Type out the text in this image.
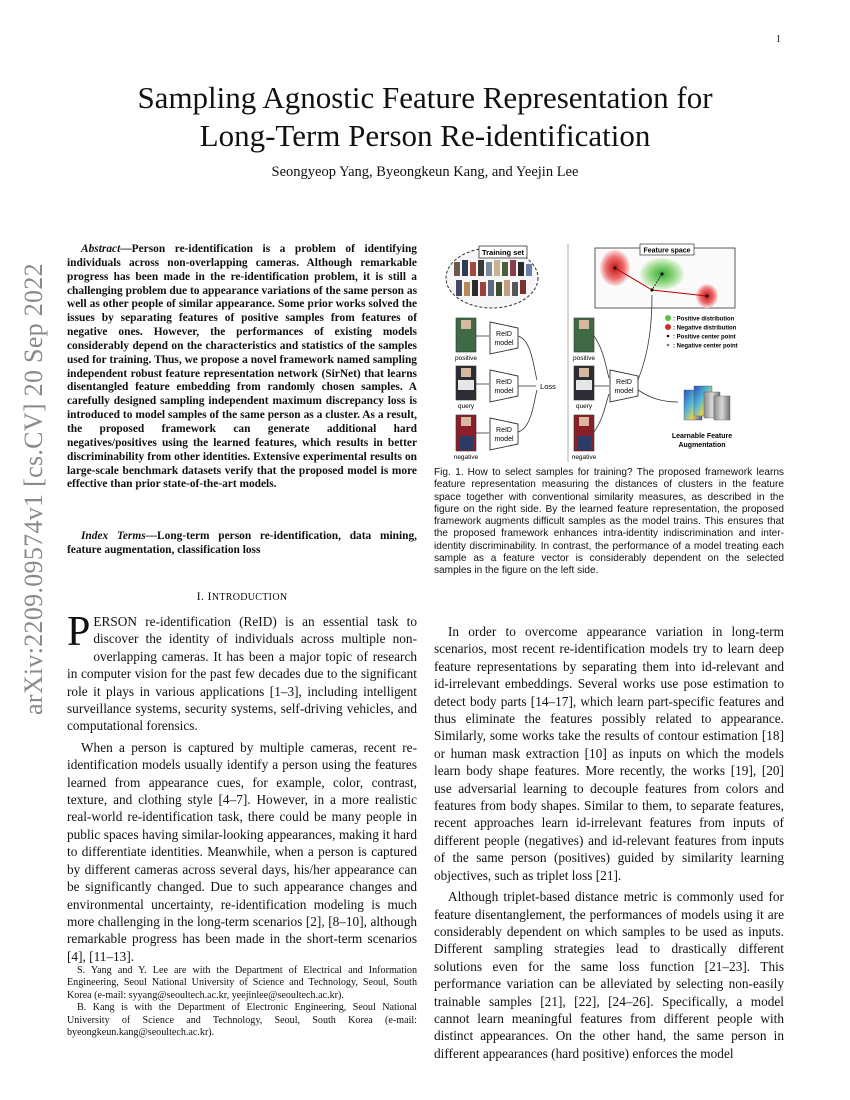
1
arXiv:2209.09574v1 [cs.CV] 20 Sep 2022
Sampling Agnostic Feature Representation for
Long-Term Person Re-identification
Seongyeop Yang, Byeongkeun Kang, and Yeejin Lee

Abstract—Person re-identification is a problem of identifying individuals across non-overlapping cameras. Although remarkable progress has been made in the re-identification problem, it is still a challenging problem due to appearance variations of the same person as well as other people of similar appearance. Some prior works solved the issues by separating features of positive samples from features of negative ones. However, the performances of existing models considerably depend on the characteristics and statistics of the samples used for training. Thus, we propose a novel framework named sampling independent robust feature representation network (SirNet) that learns disentangled feature embedding from randomly chosen samples. A carefully designed sampling independent maximum discrepancy loss is introduced to model samples of the same person as a cluster. As a result, the proposed framework can generate additional hard negatives/positives using the learned features, which results in better discriminability from other identities. Extensive experimental results on large-scale benchmark datasets verify that the proposed model is more effective than prior state-of-the-art models.

Index Terms—Long-term person re-identification, data mining, feature augmentation, classification loss

I. INTRODUCTION

PERSON re-identification (ReID) is an essential task to discover the identity of individuals across multiple non-overlapping cameras. It has been a major topic of research in computer vision for the past few decades due to the significant role it plays in various applications [1–3], including intelligent surveillance systems, security systems, self-driving vehicles, and computational forensics.

When a person is captured by multiple cameras, recent re-identification models usually identify a person using the features learned from appearance cues, for example, color, contrast, texture, and clothing style [4–7]. However, in a more realistic real-world re-identification task, there could be many people in public spaces having similar-looking appearances, making it hard to differentiate identities. Meanwhile, when a person is captured by different cameras across several days, his/her appearance can be significantly changed. Due to such appearance changes and environmental uncertainty, re-identification modeling is much more challenging in the long-term scenarios [2], [8–10], although remarkable progress has been made in the short-term scenarios [4], [11–13].

S. Yang and Y. Lee are with the Department of Electrical and Information Engineering, Seoul National University of Science and Technology, Seoul, South Korea (e-mail: syyang@seoultech.ac.kr, yeejinlee@seoultech.ac.kr).

B. Kang is with the Department of Electronic Engineering, Seoul National University of Science and Technology, Seoul, South Korea (e-mail: byeongkeun.kang@seoultech.ac.kr).

Training set
positive
query
negative
ReID
model
ReID
model
ReID
model
Loss
Feature space
: Positive distribution
: Negative distribution
: Positive center point
: Negative center point
positive
query
negative
ReID
model
Learnable Feature
Augmentation

Fig. 1. How to select samples for training? The proposed framework learns feature representation measuring the distances of clusters in the feature space together with conventional similarity measures, as described in the figure on the right side. By the learned feature representation, the proposed framework augments difficult samples as the model trains. This ensures that the proposed framework enhances intra-identity indiscrimination and inter-identity discriminability. In contrast, the performance of a model treating each sample as a feature vector is considerably dependent on the selected samples in the figure on the left side.

In order to overcome appearance variation in long-term scenarios, most recent re-identification models try to learn deep feature representations by separating them into id-relevant and id-irrelevant embeddings. Several works use pose estimation to detect body parts [14–17], which learn part-specific features and thus eliminate the features possibly related to appearance. Similarly, some works take the results of contour estimation [18] or human mask extraction [10] as inputs on which the models learn body shape features. More recently, the works [19], [20] use adversarial learning to decouple features from colors and features from body shapes. Similar to them, to separate features, recent approaches learn id-irrelevant features from inputs of different people (negatives) and id-relevant features from inputs of the same person (positives) guided by similarity learning objectives, such as triplet loss [21].

Although triplet-based distance metric is commonly used for feature disentanglement, the performances of models using it are considerably dependent on which samples to be used as inputs. Different sampling strategies lead to drastically different solutions even for the same loss function [21–23]. This performance variation can be alleviated by selecting non-easily trainable samples [21], [22], [24–26]. Specifically, a model cannot learn meaningful features from different people with distinct appearances. On the other hand, the same person in different appearances (hard positive) enforces the model
